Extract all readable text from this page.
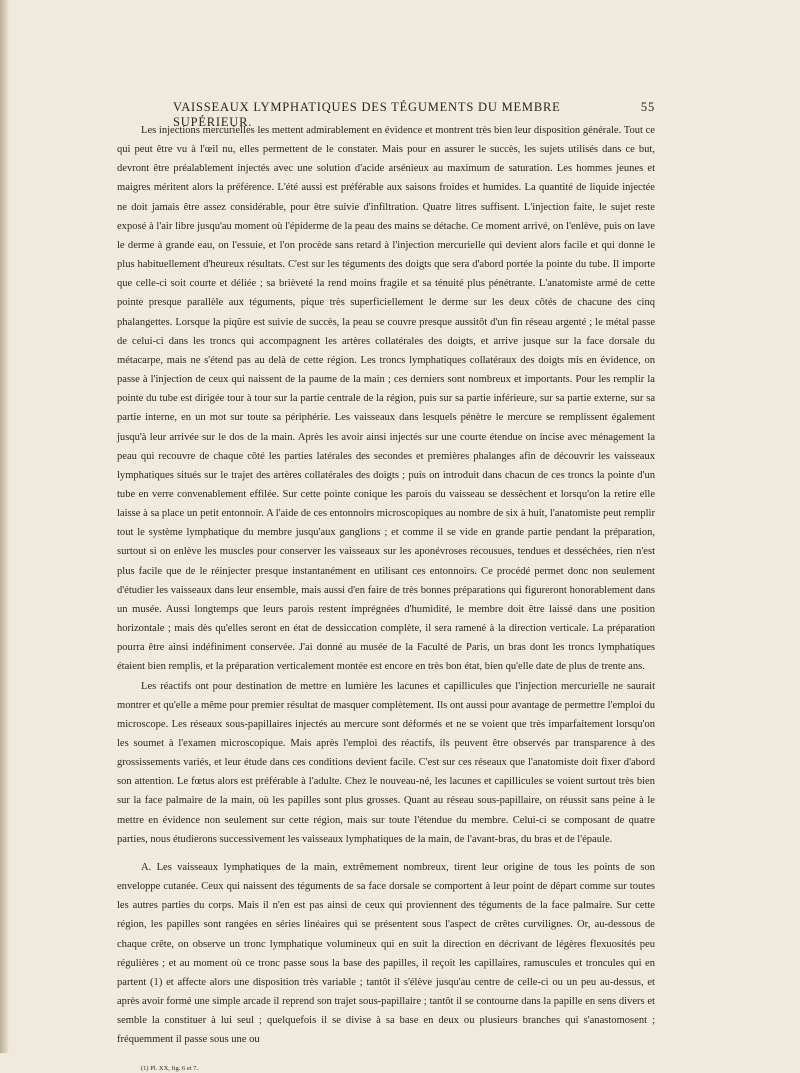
VAISSEAUX LYMPHATIQUES DES TÉGUMENTS DU MEMBRE SUPÉRIEUR.
55

Les injections mercurielles les mettent admirablement en évidence et montrent très bien leur disposition générale. Tout ce qui peut être vu à l'œil nu, elles permettent de le constater. Mais pour en assurer le succès, les sujets utilisés dans ce but, devront être préalablement injectés avec une solution d'acide arsénieux au maximum de saturation. Les hommes jeunes et maigres méritent alors la préférence. L'été aussi est préférable aux saisons froides et humides. La quantité de liquide injectée ne doit jamais être assez considérable, pour être suivie d'infiltration. Quatre litres suffisent. L'injection faite, le sujet reste exposé à l'air libre jusqu'au moment où l'épiderme de la peau des mains se détache. Ce moment arrivé, on l'enlève, puis on lave le derme à grande eau, on l'essuie, et l'on procède sans retard à l'injection mercurielle qui devient alors facile et qui donne le plus habituellement d'heureux résultats. C'est sur les téguments des doigts que sera d'abord portée la pointe du tube. Il importe que celle-ci soit courte et déliée ; sa brièveté la rend moins fragile et sa ténuité plus pénétrante. L'anatomiste armé de cette pointe presque parallèle aux téguments, pique très superficiellement le derme sur les deux côtés de chacune des cinq phalangettes. Lorsque la piqûre est suivie de succès, la peau se couvre presque aussitôt d'un fin réseau argenté ; le métal passe de celui-ci dans les troncs qui accompagnent les artères collatérales des doigts, et arrive jusque sur la face dorsale du métacarpe, mais ne s'étend pas au delà de cette région. Les troncs lymphatiques collatéraux des doigts mis en évidence, on passe à l'injection de ceux qui naissent de la paume de la main ; ces derniers sont nombreux et importants. Pour les remplir la pointe du tube est dirigée tour à tour sur la partie centrale de la région, puis sur sa partie inférieure, sur sa partie externe, sur sa partie interne, en un mot sur toute sa périphérie. Les vaisseaux dans lesquels pénètre le mercure se remplissent également jusqu'à leur arrivée sur le dos de la main. Après les avoir ainsi injectés sur une courte étendue on incise avec ménagement la peau qui recouvre de chaque côté les parties latérales des secondes et premières phalanges afin de découvrir les vaisseaux lymphatiques situés sur le trajet des artères collatérales des doigts ; puis on introduit dans chacun de ces troncs la pointe d'un tube en verre convenablement effilée. Sur cette pointe conique les parois du vaisseau se dessèchent et lorsqu'on la retire elle laisse à sa place un petit entonnoir. A l'aide de ces entonnoirs microscopiques au nombre de six à huit, l'anatomiste peut remplir tout le système lymphatique du membre jusqu'aux ganglions ; et comme il se vide en grande partie pendant la préparation, surtout si on enlève les muscles pour conserver les vaisseaux sur les aponévroses recousues, tendues et desséchées, rien n'est plus facile que de le réinjecter presque instantanément en utilisant ces entonnoirs. Ce procédé permet donc non seulement d'étudier les vaisseaux dans leur ensemble, mais aussi d'en faire de très bonnes préparations qui figureront honorablement dans un musée. Aussi longtemps que leurs parois restent imprégnées d'humidité, le membre doit être laissé dans une position horizontale ; mais dès qu'elles seront en état de dessiccation complète, il sera ramené à la direction verticale. La préparation pourra être ainsi indéfiniment conservée. J'ai donné au musée de la Faculté de Paris, un bras dont les troncs lymphatiques étaient bien remplis, et la préparation verticalement montée est encore en très bon état, bien qu'elle date de plus de trente ans.

Les réactifs ont pour destination de mettre en lumière les lacunes et capillicules que l'injection mercurielle ne saurait montrer et qu'elle a même pour premier résultat de masquer complètement. Ils ont aussi pour avantage de permettre l'emploi du microscope. Les réseaux sous-papillaires injectés au mercure sont déformés et ne se voient que très imparfaitement lorsqu'on les soumet à l'examen microscopique. Mais après l'emploi des réactifs, ils peuvent être observés par transparence à des grossissements variés, et leur étude dans ces conditions devient facile. C'est sur ces réseaux que l'anatomiste doit fixer d'abord son attention. Le fœtus alors est préférable à l'adulte. Chez le nouveau-né, les lacunes et capillicules se voient surtout très bien sur la face palmaire de la main, où les papilles sont plus grosses. Quant au réseau sous-papillaire, on réussit sans peine à le mettre en évidence non seulement sur cette région, mais sur toute l'étendue du membre. Celui-ci se composant de quatre parties, nous étudierons successivement les vaisseaux lymphatiques de la main, de l'avant-bras, du bras et de l'épaule.

A. Les vaisseaux lymphatiques de la main, extrêmement nombreux, tirent leur origine de tous les points de son enveloppe cutanée. Ceux qui naissent des téguments de sa face dorsale se comportent à leur point de départ comme sur toutes les autres parties du corps. Mais il n'en est pas ainsi de ceux qui proviennent des téguments de la face palmaire. Sur cette région, les papilles sont rangées en séries linéaires qui se présentent sous l'aspect de crêtes curvilignes. Or, au-dessous de chaque crête, on observe un tronc lymphatique volumineux qui en suit la direction en décrivant de légères flexuosités peu régulières ; et au moment où ce tronc passe sous la base des papilles, il reçoit les capillaires, ramuscules et troncules qui en partent (1) et affecte alors une disposition très variable ; tantôt il s'élève jusqu'au centre de celle-ci ou un peu au-dessus, et après avoir formé une simple arcade il reprend son trajet sous-papillaire ; tantôt il se contourne dans la papille en sens divers et semble la constituer à lui seul ; quelquefois il se divise à sa base en deux ou plusieurs branches qui s'anastomosent ; fréquemment il passe sous une ou

(1) Pl. XX, fig. 6 et 7.
